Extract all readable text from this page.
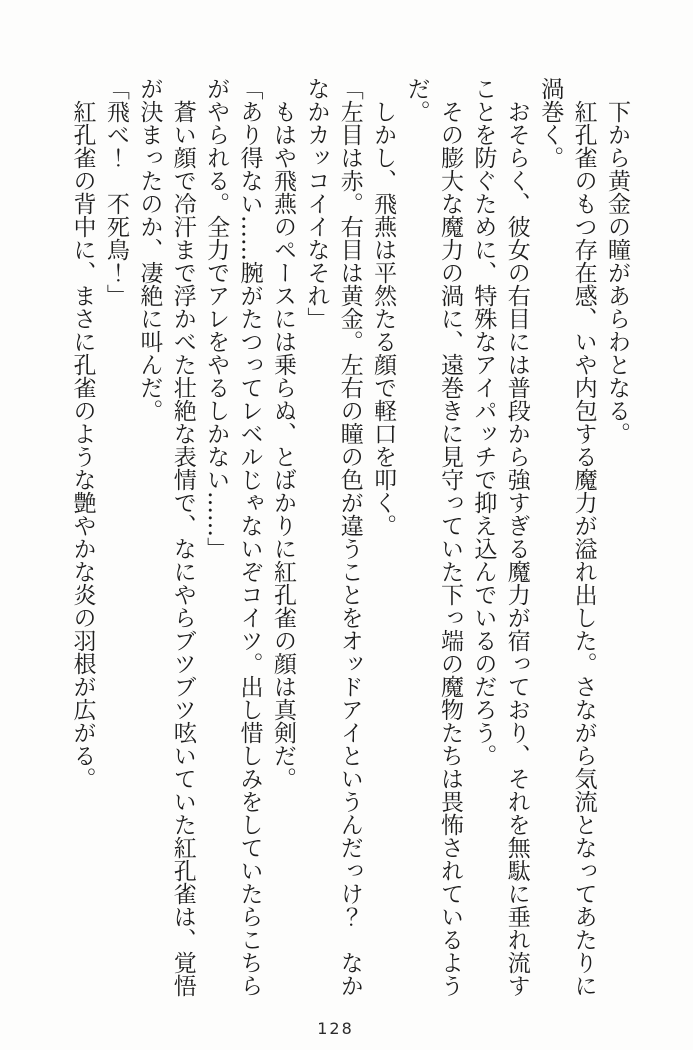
　下から黄金の瞳があらわとなる。

　紅孔雀のもつ存在感、いや内包する魔力が溢れ出した。さながら気流となってあたりに渦巻く。

　おそらく、彼女の右目には普段から強すぎる魔力が宿っており、それを無駄に垂れ流すことを防ぐために、特殊なアイパッチで抑え込んでいるのだろう。

　その膨大な魔力の渦に、遠巻きに見守っていた下っ端の魔物たちは畏怖されているようだ。

　しかし、飛燕は平然たる顔で軽口を叩く。

「左目は赤。右目は黄金。左右の瞳の色が違うことをオッドアイというんだっけ？　なかなかカッコイイなそれ」

　もはや飛燕のペースには乗らぬ、とばかりに紅孔雀の顔は真剣だ。

「あり得ない……腕がたつってレベルじゃないぞコイツ。出し惜しみをしていたらこちらがやられる。全力でアレをやるしかない……」

　蒼い顔で冷汗まで浮かべた壮絶な表情で、なにやらブツブツ呟いていた紅孔雀は、覚悟が決まったのか、凄絶に叫んだ。

「飛べ！　不死鳥！」

　紅孔雀の背中に、まさに孔雀のような艶やかな炎の羽根が広がる。

128
